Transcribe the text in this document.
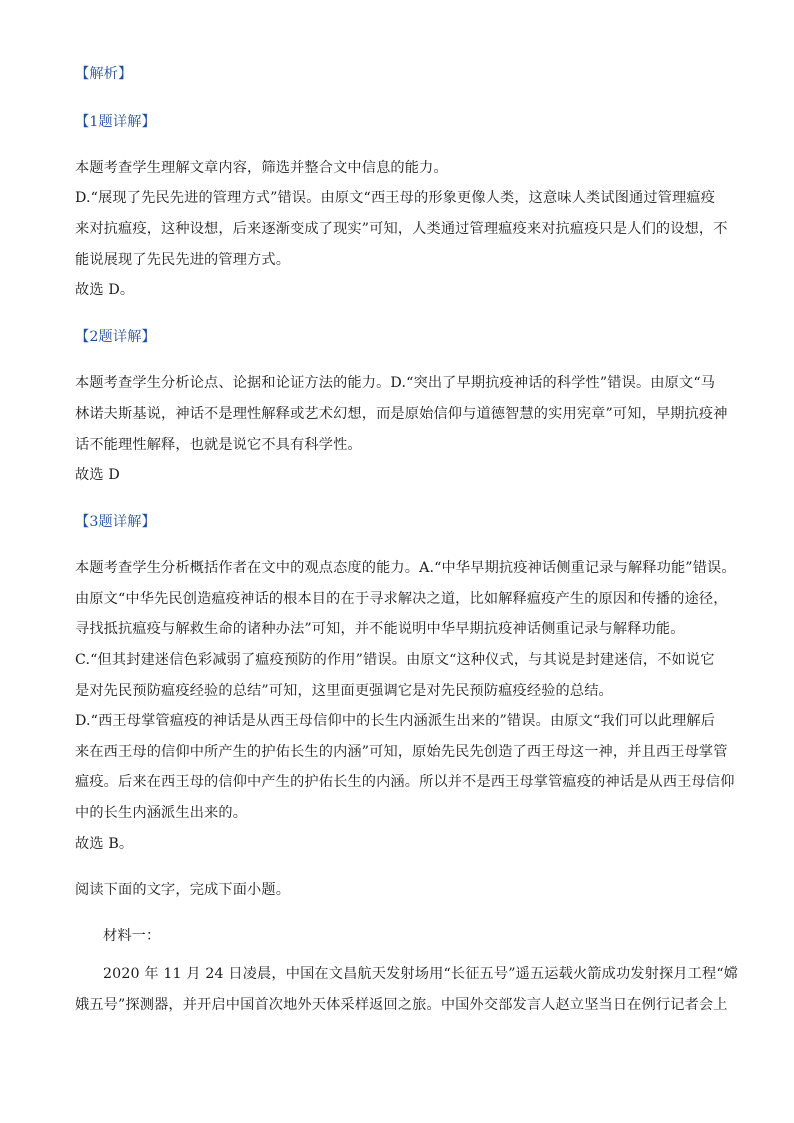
【解析】
【1题详解】
本题考查学生理解文章内容，筛选并整合文中信息的能力。
D.“展现了先民先进的管理方式”错误。由原文“西王母的形象更像人类，这意味人类试图通过管理瘟疫
来对抗瘟疫，这种设想，后来逐渐变成了现实”可知，人类通过管理瘟疫来对抗瘟疫只是人们的设想，不
能说展现了先民先进的管理方式。
故选 D。
【2题详解】
本题考查学生分析论点、论据和论证方法的能力。D.“突出了早期抗疫神话的科学性”错误。由原文“马
林诺夫斯基说，神话不是理性解释或艺术幻想，而是原始信仰与道德智慧的实用宪章”可知，早期抗疫神
话不能理性解释，也就是说它不具有科学性。
故选 D
【3题详解】
本题考查学生分析概括作者在文中的观点态度的能力。A.“中华早期抗疫神话侧重记录与解释功能”错误。
由原文“中华先民创造瘟疫神话的根本目的在于寻求解决之道，比如解释瘟疫产生的原因和传播的途径，
寻找抵抗瘟疫与解救生命的诸种办法”可知，并不能说明中华早期抗疫神话侧重记录与解释功能。
C.“但其封建迷信色彩减弱了瘟疫预防的作用”错误。由原文“这种仪式，与其说是封建迷信，不如说它
是对先民预防瘟疫经验的总结”可知，这里面更强调它是对先民预防瘟疫经验的总结。
D.“西王母掌管瘟疫的神话是从西王母信仰中的长生内涵派生出来的”错误。由原文“我们可以此理解后
来在西王母的信仰中所产生的护佑长生的内涵”可知，原始先民先创造了西王母这一神，并且西王母掌管
瘟疫。后来在西王母的信仰中产生的护佑长生的内涵。所以并不是西王母掌管瘟疫的神话是从西王母信仰
中的长生内涵派生出来的。
故选 B。
阅读下面的文字，完成下面小题。
材料一：
2020 年 11 月 24 日凌晨，中国在文昌航天发射场用“长征五号”遥五运载火箭成功发射探月工程“嫦
娥五号”探测器，并开启中国首次地外天体采样返回之旅。中国外交部发言人赵立坚当日在例行记者会上
